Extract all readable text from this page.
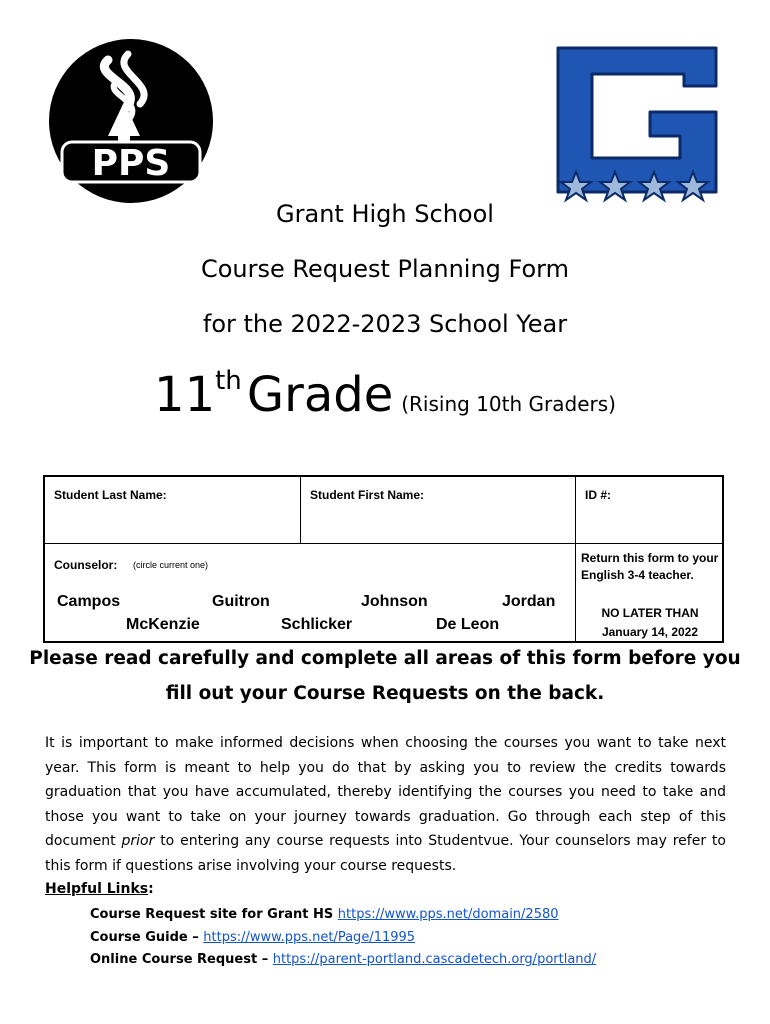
PPS
Grant High School
Course Request Planning Form
for the 2022-2023 School Year
11th Grade (Rising 10th Graders)
Student Last Name:	Student First Name:	ID #:
Counselor: (circle current one)
Campos	Guitron	Johnson	Jordan
McKenzie	Schlicker	De Leon
Return this form to your English 3-4 teacher.
NO LATER THAN
January 14, 2022
Please read carefully and complete all areas of this form before you
fill out your Course Requests on the back.

It is important to make informed decisions when choosing the courses you want to take next year. This form is meant to help you do that by asking you to review the credits towards graduation that you have accumulated, thereby identifying the courses you need to take and those you want to take on your journey towards graduation. Go through each step of this document prior to entering any course requests into Studentvue. Your counselors may refer to this form if questions arise involving your course requests.

Helpful Links:
Course Request site for Grant HS https://www.pps.net/domain/2580
Course Guide – https://www.pps.net/Page/11995
Online Course Request – https://parent-portland.cascadetech.org/portland/
